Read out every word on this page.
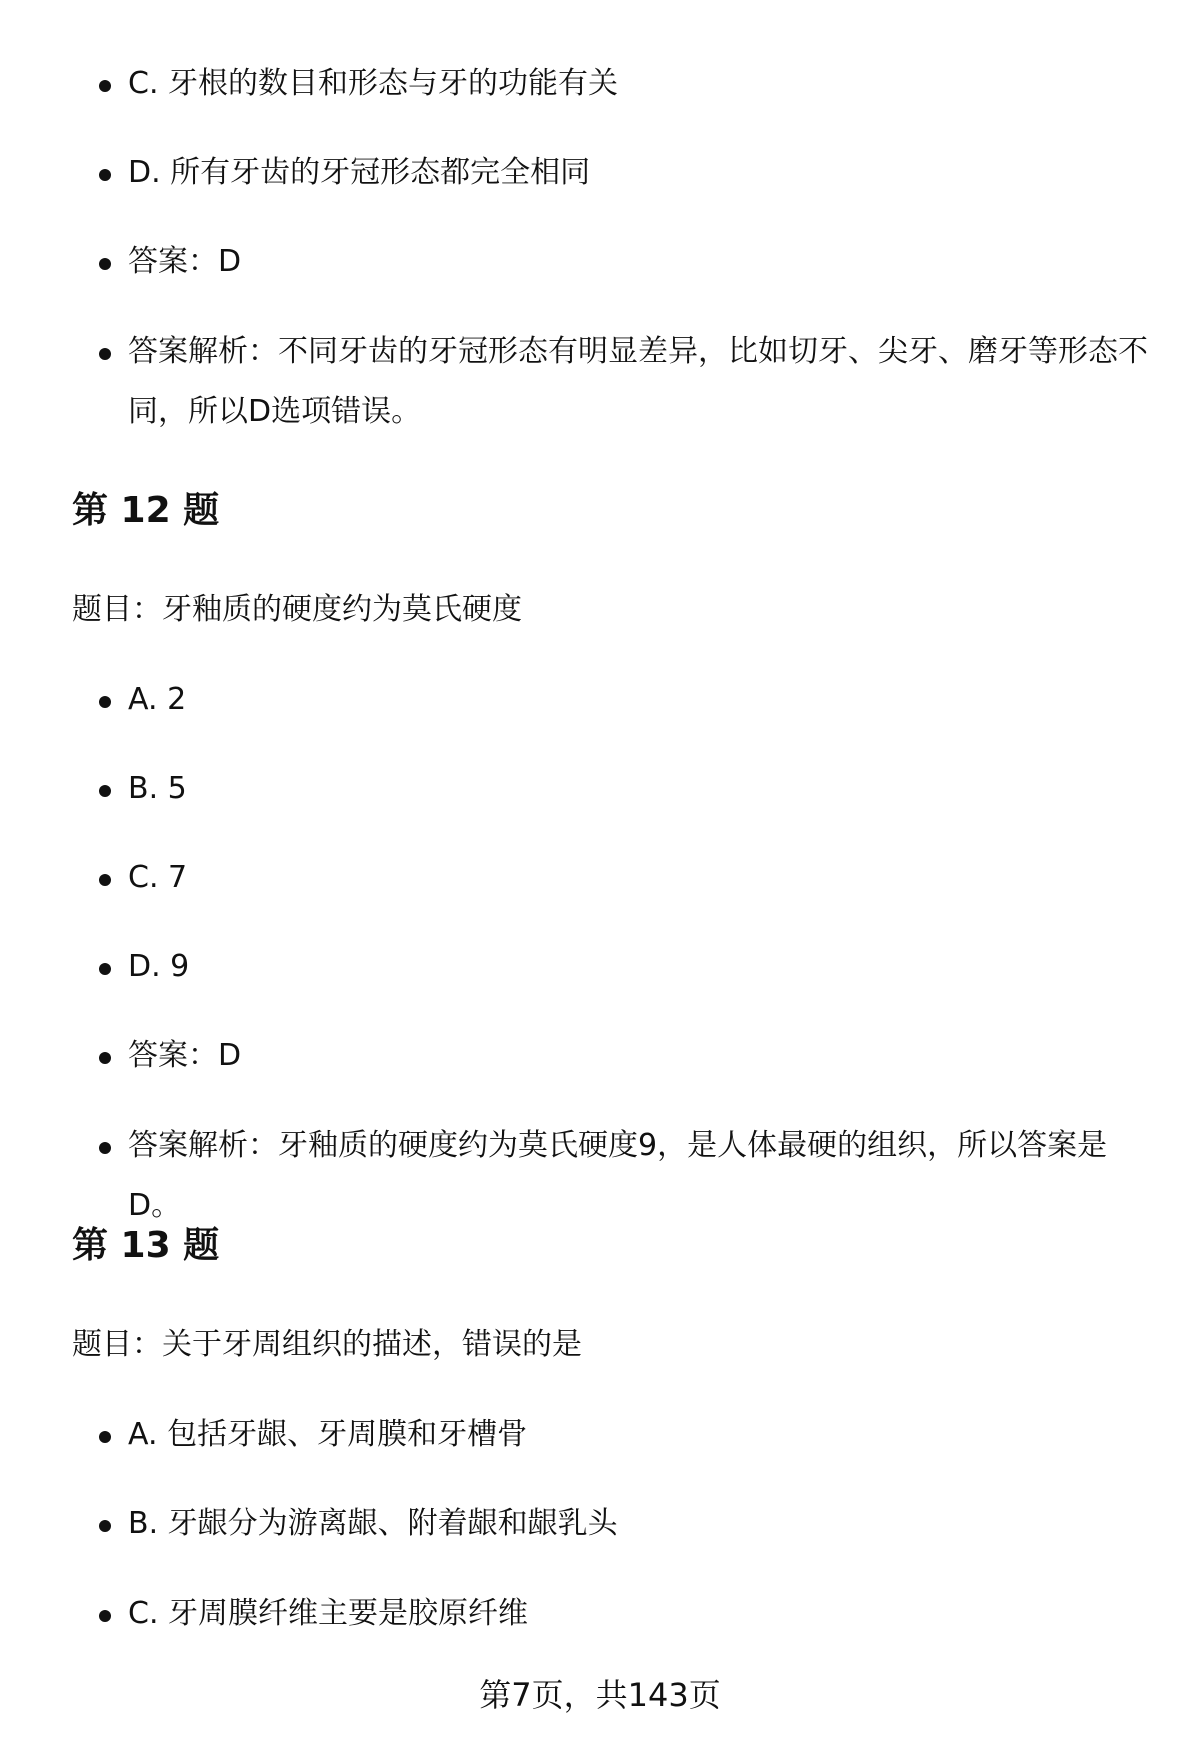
C. 牙根的数目和形态与牙的功能有关
D. 所有牙齿的牙冠形态都完全相同
答案：D
答案解析：不同牙齿的牙冠形态有明显差异，比如切牙、尖牙、磨牙等形态不同，所以D选项错误。
第 12 题

题目：牙釉质的硬度约为莫氏硬度

A. 2
B. 5
C. 7
D. 9
答案：D
答案解析：牙釉质的硬度约为莫氏硬度9，是人体最硬的组织，所以答案是D。
第 13 题

题目：关于牙周组织的描述，错误的是

A. 包括牙龈、牙周膜和牙槽骨
B. 牙龈分为游离龈、附着龈和龈乳头
C. 牙周膜纤维主要是胶原纤维
第7页，共143页
